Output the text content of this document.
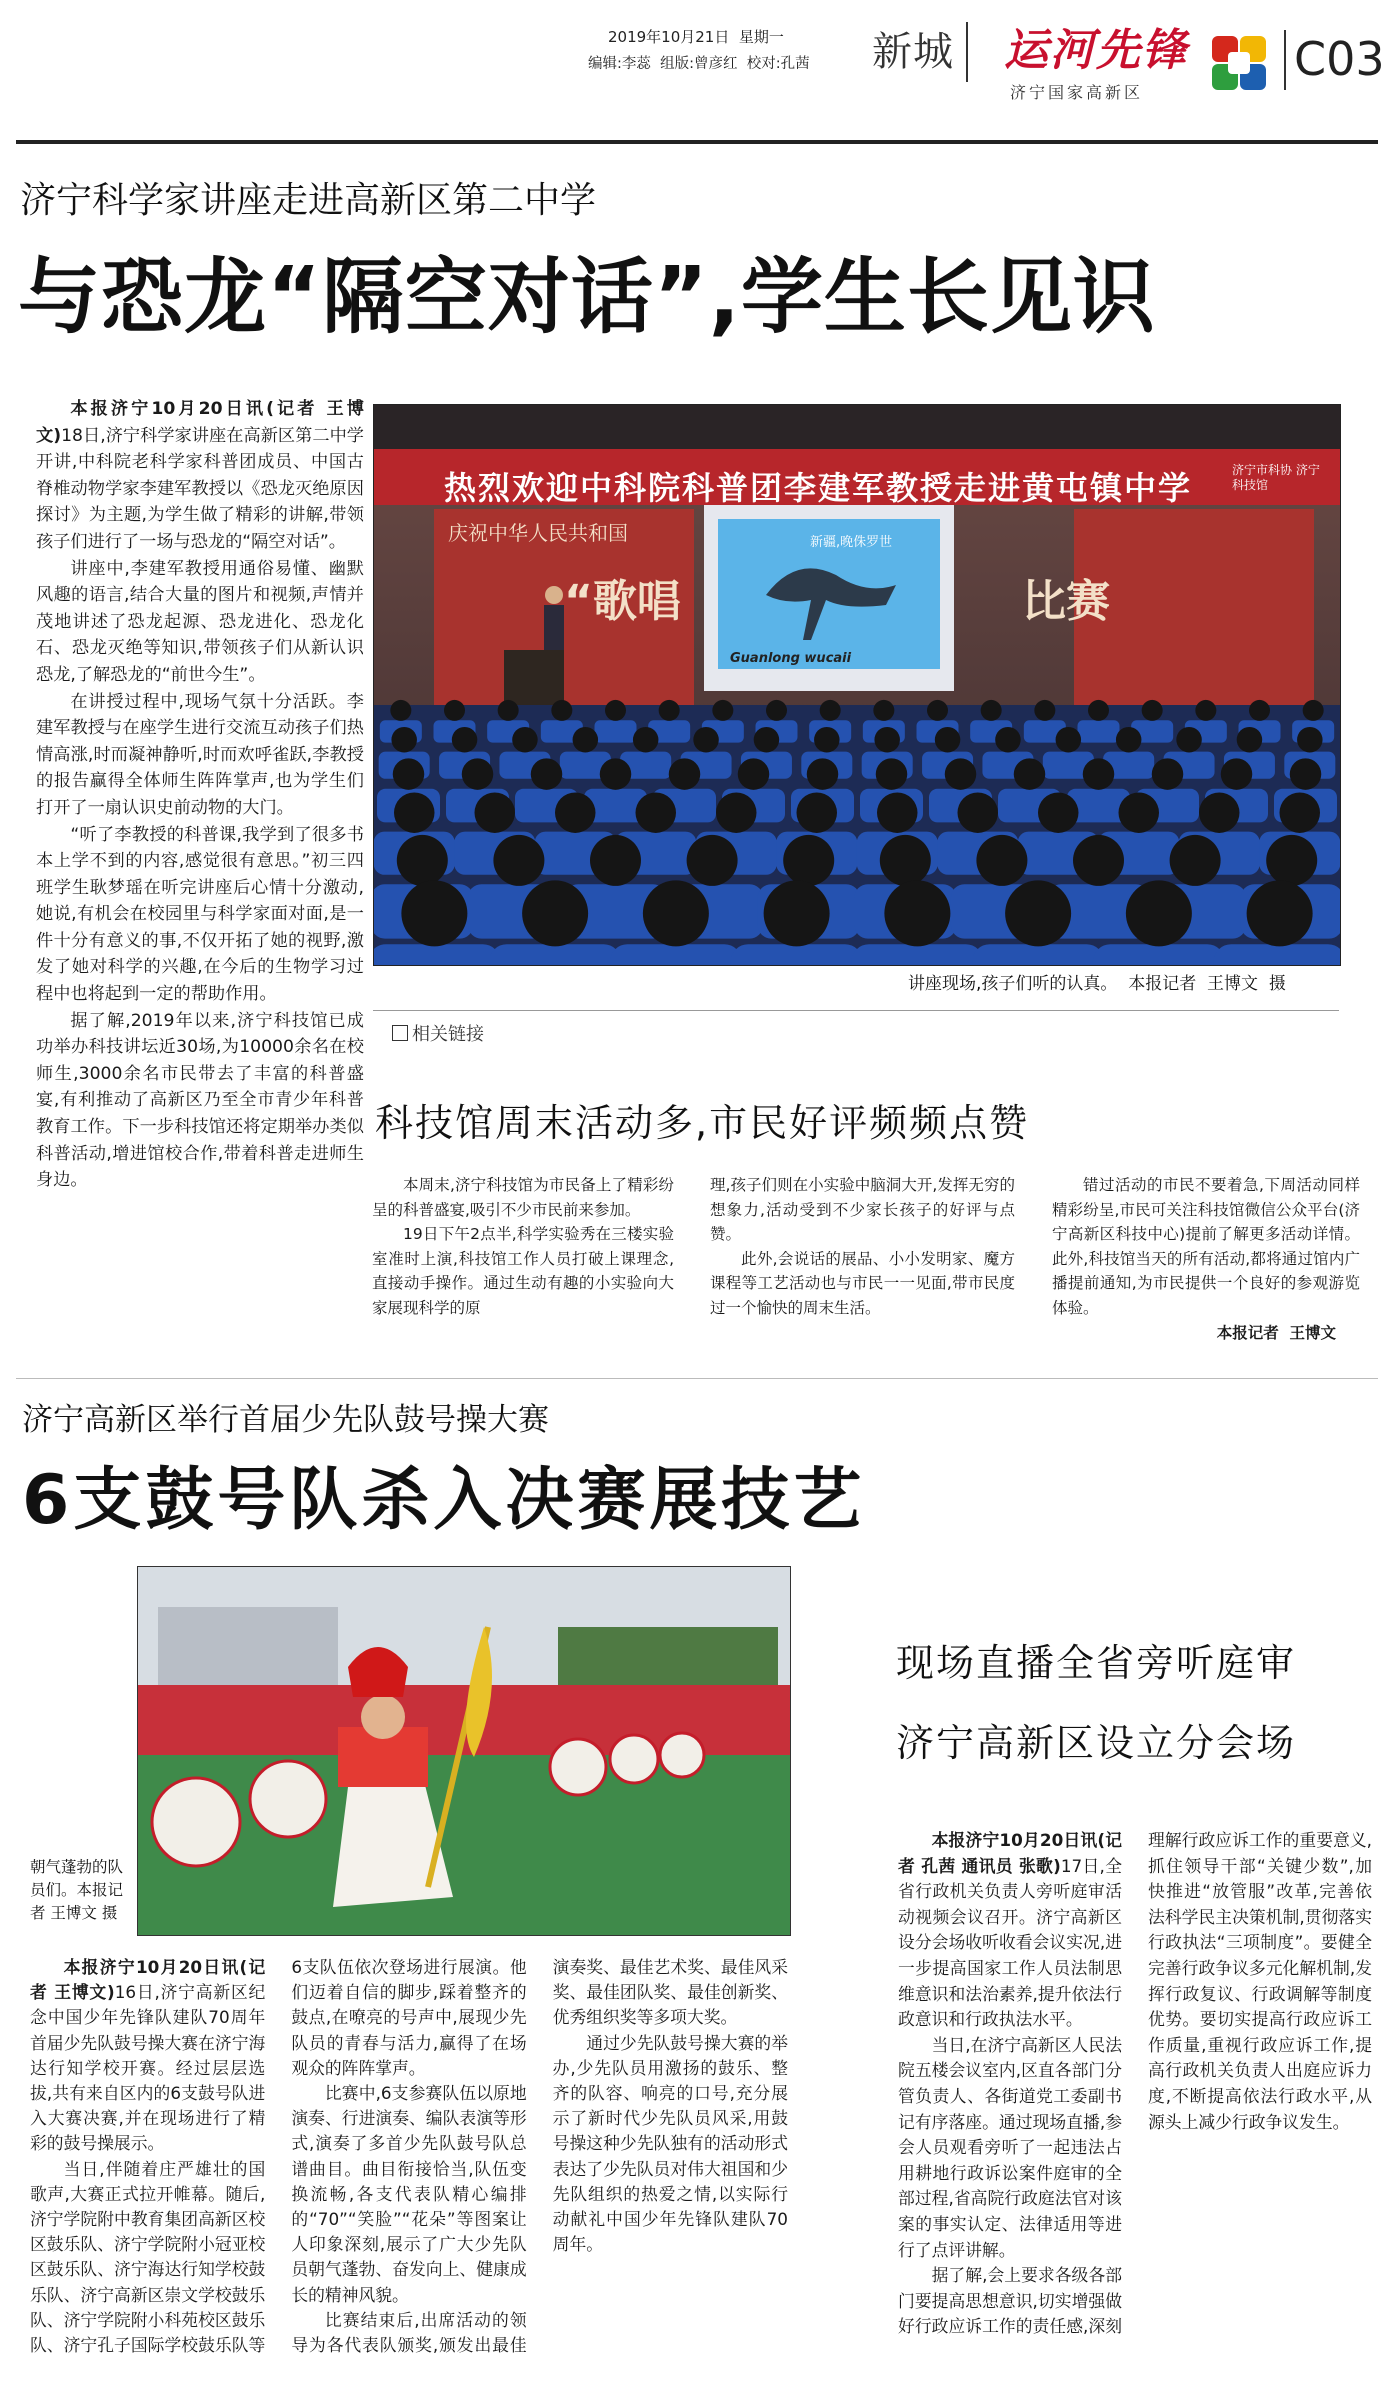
2019年10月21日 星期一
编辑:李蕊  组版:曾彦红  校对:孔茜 新城 运河先锋
济宁国家高新区
C03
济宁科学家讲座走进高新区第二中学
与恐龙“隔空对话”,学生长见识

本报济宁10月20日讯(记者 王博文)18日,济宁科学家讲座在高新区第二中学开讲,中科院老科学家科普团成员、中国古脊椎动物学家李建军教授以《恐龙灭绝原因探讨》为主题,为学生做了精彩的讲解,带领孩子们进行了一场与恐龙的“隔空对话”。

讲座中,李建军教授用通俗易懂、幽默风趣的语言,结合大量的图片和视频,声情并茂地讲述了恐龙起源、恐龙进化、恐龙化石、恐龙灭绝等知识,带领孩子们从新认识恐龙,了解恐龙的“前世今生”。

在讲授过程中,现场气氛十分活跃。李建军教授与在座学生进行交流互动孩子们热情高涨,时而凝神静听,时而欢呼雀跃,李教授的报告赢得全体师生阵阵掌声,也为学生们打开了一扇认识史前动物的大门。

“听了李教授的科普课,我学到了很多书本上学不到的内容,感觉很有意思。”初三四班学生耿梦瑶在听完讲座后心情十分激动,她说,有机会在校园里与科学家面对面,是一件十分有意义的事,不仅开拓了她的视野,激发了她对科学的兴趣,在今后的生物学习过程中也将起到一定的帮助作用。

据了解,2019年以来,济宁科技馆已成功举办科技讲坛近30场,为10000余名在校师生,3000余名市民带去了丰富的科普盛宴,有利推动了高新区乃至全市青少年科普教育工作。下一步科技馆还将定期举办类似科普活动,增进馆校合作,带着科普走进师生身边。

热烈欢迎中科院科普团李建军教授走进黄屯镇中学	济宁市科协 济宁科技馆
庆祝中华人民共和国
“歌唱	比赛
新疆,晚侏罗世
Guanlong wucaii
讲座现场,孩子们听的认真。  本报记者  王博文  摄
相关链接
科技馆周末活动多,市民好评频频点赞

本周末,济宁科技馆为市民备上了精彩纷呈的科普盛宴,吸引不少市民前来参加。

19日下午2点半,科学实验秀在三楼实验室准时上演,科技馆工作人员打破上课理念,直接动手操作。通过生动有趣的小实验向大家展现科学的原

理,孩子们则在小实验中脑洞大开,发挥无穷的想象力,活动受到不少家长孩子的好评与点赞。

此外,会说话的展品、小小发明家、魔方课程等工艺活动也与市民一一见面,带市民度过一个愉快的周末生活。

错过活动的市民不要着急,下周活动同样精彩纷呈,市民可关注科技馆微信公众平台(济宁高新区科技中心)提前了解更多活动详情。此外,科技馆当天的所有活动,都将通过馆内广播提前通知,为市民提供一个良好的参观游览体验。

本报记者  王博文

济宁高新区举行首届少先队鼓号操大赛
6支鼓号队杀入决赛展技艺
朝气蓬勃的队员们。本报记者 王博文 摄

本报济宁10月20日讯(记者 王博文)16日,济宁高新区纪念中国少年先锋队建队70周年首届少先队鼓号操大赛在济宁海达行知学校开赛。经过层层选拔,共有来自区内的6支鼓号队进入大赛决赛,并在现场进行了精彩的鼓号操展示。

当日,伴随着庄严雄壮的国歌声,大赛正式拉开帷幕。随后,济宁学院附中教育集团高新区校区鼓乐队、济宁学院附小冠亚校区鼓乐队、济宁海达行知学校鼓乐队、济宁高新区崇文学校鼓乐队、济宁学院附小科苑校区鼓乐队、济宁孔子国际学校鼓乐队等6支队伍依次登场进行展演。他们迈着自信的脚步,踩着整齐的鼓点,在嘹亮的号声中,展现少先队员的青春与活力,赢得了在场观众的阵阵掌声。

比赛中,6支参赛队伍以原地演奏、行进演奏、编队表演等形式,演奏了多首少先队鼓号队总谱曲目。曲目衔接恰当,队伍变换流畅,各支代表队精心编排的“70”“笑脸”“花朵”等图案让人印象深刻,展示了广大少先队员朝气蓬勃、奋发向上、健康成长的精神风貌。

比赛结束后,出席活动的领导为各代表队颁奖,颁发出最佳演奏奖、最佳艺术奖、最佳风采奖、最佳团队奖、最佳创新奖、优秀组织奖等多项大奖。

通过少先队鼓号操大赛的举办,少先队员用激扬的鼓乐、整齐的队容、响亮的口号,充分展示了新时代少先队员风采,用鼓号操这种少先队独有的活动形式表达了少先队员对伟大祖国和少先队组织的热爱之情,以实际行动献礼中国少年先锋队建队70周年。

现场直播全省旁听庭审
济宁高新区设立分会场

本报济宁10月20日讯(记者 孔茜 通讯员 张歌)17日,全省行政机关负责人旁听庭审活动视频会议召开。济宁高新区设分会场收听收看会议实况,进一步提高国家工作人员法制思维意识和法治素养,提升依法行政意识和行政执法水平。

当日,在济宁高新区人民法院五楼会议室内,区直各部门分管负责人、各街道党工委副书记有序落座。通过现场直播,参会人员观看旁听了一起违法占用耕地行政诉讼案件庭审的全部过程,省高院行政庭法官对该案的事实认定、法律适用等进行了点评讲解。

据了解,会上要求各级各部门要提高思想意识,切实增强做好行政应诉工作的责任感,深刻理解行政应诉工作的重要意义,抓住领导干部“关键少数”,加快推进“放管服”改革,完善依法科学民主决策机制,贯彻落实行政执法“三项制度”。要健全完善行政争议多元化解机制,发挥行政复议、行政调解等制度优势。要切实提高行政应诉工作质量,重视行政应诉工作,提高行政机关负责人出庭应诉力度,不断提高依法行政水平,从源头上减少行政争议发生。
